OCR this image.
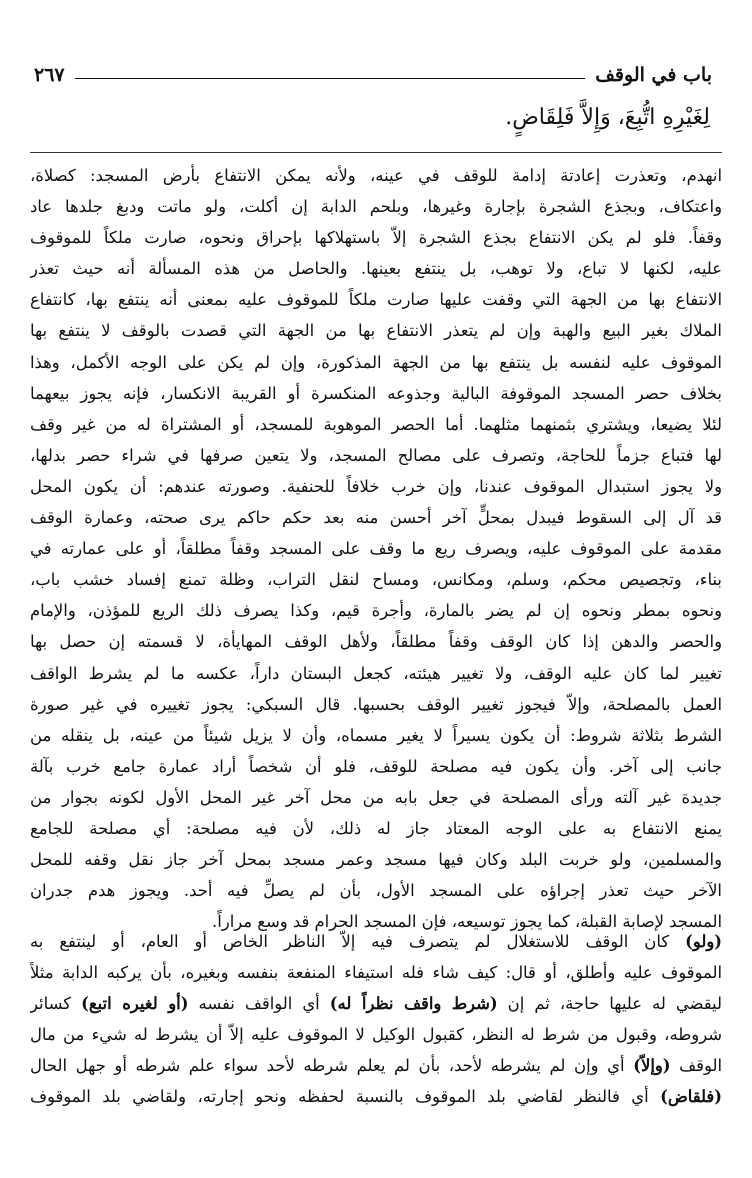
باب في الوقف
٢٦٧
لِغَيْرِهِ اتُّبِعَ، وَإِلاَّ فَلِقَاضٍ.
انهدم، وتعذرت إعادتة إدامة للوقف في عينه، ولأنه يمكن الانتفاع بأرض المسجد: كصلاة،
واعتكاف، وبجذع الشجرة بإجارة وغيرها، وبلحم الدابة إن أكلت، ولو ماتت ودبغ جلدها عاد
وقفاً. فلو لم يكن الانتفاع بجذع الشجرة إلاّ باستهلاكها بإحراق ونحوه، صارت ملكاً للموقوف
عليه، لكنها لا تباع، ولا توهب، بل ينتفع بعينها. والحاصل من هذه المسألة أنه حيث تعذر
الانتفاع بها من الجهة التي وقفت عليها صارت ملكاً للموقوف عليه بمعنى أنه ينتفع بها، كانتفاع
الملاك بغير البيع والهبة وإن لم يتعذر الانتفاع بها من الجهة التي قصدت بالوقف لا ينتفع بها
الموقوف عليه لنفسه بل ينتفع بها من الجهة المذكورة، وإن لم يكن على الوجه الأكمل، وهذا
بخلاف حصر المسجد الموقوفة البالية وجذوعه المنكسرة أو القريبة الانكسار، فإنه يجوز بيعهما
لئلا يضيعا، ويشتري بثمنهما مثلهما. أما الحصر الموهوبة للمسجد، أو المشتراة له من غير وقف
لها فتباع جزماً للحاجة، وتصرف على مصالح المسجد، ولا يتعين صرفها في شراء حصر بدلها،
ولا يجوز استبدال الموقوف عندنا، وإن خرب خلافاً للحنفية. وصورته عندهم: أن يكون المحل
قد آل إلى السقوط فيبدل بمحلٍّ آخر أحسن منه بعد حكم حاكم يرى صحته، وعمارة الوقف
مقدمة على الموقوف عليه، ويصرف ريع ما وقف على المسجد وقفاً مطلقاً، أو على عمارته في
بناء، وتجصيص محكم، وسلم، ومكانس، ومساح لنقل التراب، وظلة تمنع إفساد خشب باب،
ونحوه بمطر ونحوه إن لم يضر بالمارة، وأجرة قيم، وكذا يصرف ذلك الريع للمؤذن، والإمام
والحصر والدهن إذا كان الوقف وقفاً مطلقاً، ولأهل الوقف المهايأة، لا قسمته إن حصل بها
تغيير لما كان عليه الوقف، ولا تغيير هيئته، كجعل البستان داراً، عكسه ما لم يشرط الواقف
العمل بالمصلحة، وإلاّ فيجوز تغيير الوقف بحسبها. قال السبكي: يجوز تغييره في غير صورة
الشرط بثلاثة شروط: أن يكون يسيراً لا يغير مسماه، وأن لا يزيل شيئاً من عينه، بل ينقله من
جانب إلى آخر. وأن يكون فيه مصلحة للوقف، فلو أن شخصاً أراد عمارة جامع خرب بآلة
جديدة غير آلته ورأى المصلحة في جعل بابه من محل آخر غير المحل الأول لكونه بجوار من
يمنع الانتفاع به على الوجه المعتاد جاز له ذلك، لأن فيه مصلحة: أي مصلحة للجامع
والمسلمين، ولو خربت البلد وكان فيها مسجد وعمر مسجد بمحل آخر جاز نقل وقفه للمحل
الآخر حيث تعذر إجراؤه على المسجد الأول، بأن لم يصلِّ فيه أحد. ويجوز هدم جدران
المسجد لإصابة القبلة، كما يجوز توسيعه، فإن المسجد الحرام قد وسع مراراً.
(ولو) كان الوقف للاستغلال لم يتصرف فيه إلاّ الناظر الخاص أو العام، أو لينتفع به
الموقوف عليه وأطلق، أو قال: كيف شاء فله استيفاء المنفعة بنفسه وبغيره، بأن يركبه الدابة مثلاً
ليقضي له عليها حاجة، ثم إن (شرط واقف نظراً له) أي الواقف نفسه (أو لغيره اتبع) كسائر
شروطه، وقبول من شرط له النظر، كقبول الوكيل لا الموقوف عليه إلاّ أن يشرط له شيء من مال
الوقف (وإلاّ) أي وإن لم يشرطه لأحد، بأن لم يعلم شرطه لأحد سواء علم شرطه أو جهل الحال
(فلقاض) أي فالنظر لقاضي بلد الموقوف بالنسبة لحفظه ونحو إجارته، ولقاضي بلد الموقوف
